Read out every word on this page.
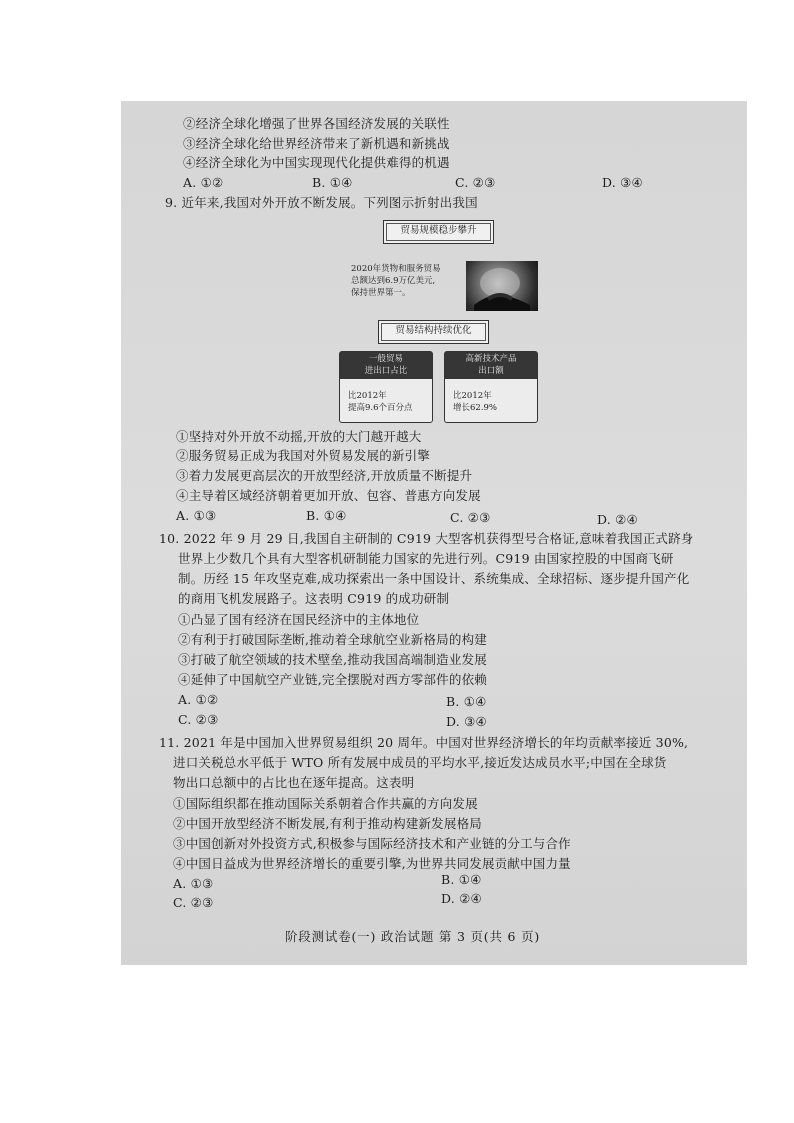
②经济全球化增强了世界各国经济发展的关联性
③经济全球化给世界经济带来了新机遇和新挑战
④经济全球化为中国实现现代化提供难得的机遇
A. ①②	B. ①④	C. ②③	D. ③④
9. 近年来,我国对外开放不断发展。下列图示折射出我国
贸易规模稳步攀升
2020年货物和服务贸易
总额达到6.9万亿美元,
保持世界第一。
贸易结构持续优化
一般贸易
进出口占比
比2012年
提高9.6个百分点
高新技术产品
出口额
比2012年
增长62.9%
①坚持对外开放不动摇,开放的大门越开越大
②服务贸易正成为我国对外贸易发展的新引擎
③着力发展更高层次的开放型经济,开放质量不断提升
④主导着区域经济朝着更加开放、包容、普惠方向发展
A. ①③	B. ①④	C. ②③	D. ②④
10. 2022 年 9 月 29 日,我国自主研制的 C919 大型客机获得型号合格证,意味着我国正式跻身
世界上少数几个具有大型客机研制能力国家的先进行列。C919 由国家控股的中国商飞研
制。历经 15 年攻坚克难,成功探索出一条中国设计、系统集成、全球招标、逐步提升国产化
的商用飞机发展路子。这表明 C919 的成功研制
①凸显了国有经济在国民经济中的主体地位
②有利于打破国际垄断,推动着全球航空业新格局的构建
③打破了航空领域的技术壁垒,推动我国高端制造业发展
④延伸了中国航空产业链,完全摆脱对西方零部件的依赖
A. ①②	B. ①④
C. ②③	D. ③④
11. 2021 年是中国加入世界贸易组织 20 周年。中国对世界经济增长的年均贡献率接近 30%,
进口关税总水平低于 WTO 所有发展中成员的平均水平,接近发达成员水平;中国在全球货
物出口总额中的占比也在逐年提高。这表明
①国际组织都在推动国际关系朝着合作共赢的方向发展
②中国开放型经济不断发展,有利于推动构建新发展格局
③中国创新对外投资方式,积极参与国际经济技术和产业链的分工与合作
④中国日益成为世界经济增长的重要引擎,为世界共同发展贡献中国力量
A. ①③	B. ①④
C. ②③	D. ②④
阶段测试卷(一) 政治试题 第 3 页(共 6 页)
